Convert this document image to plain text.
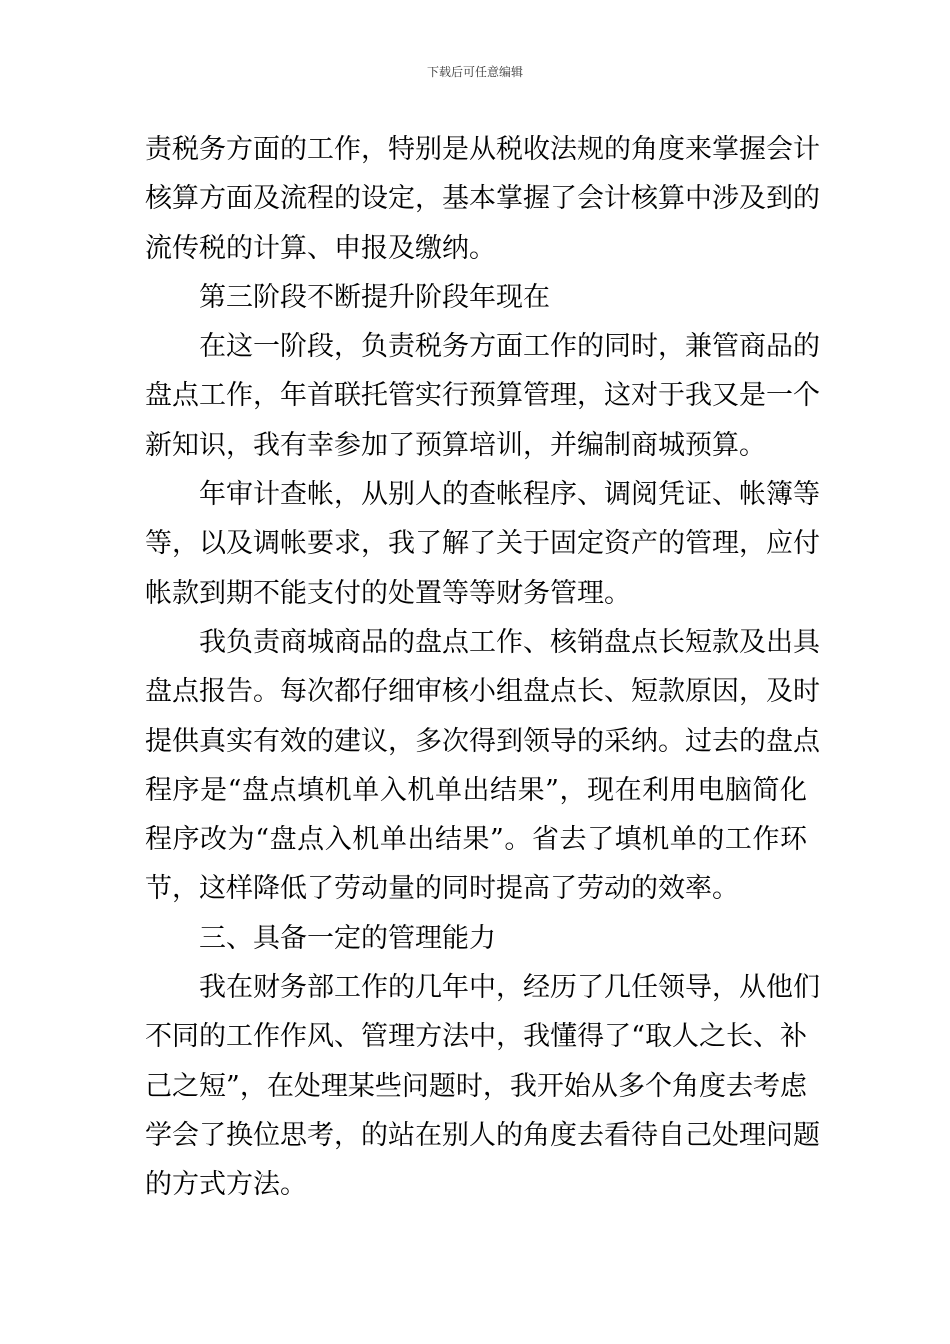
下载后可任意编辑
责税务方面的工作，特别是从税收法规的角度来掌握会计
核算方面及流程的设定，基本掌握了会计核算中涉及到的
流传税的计算、申报及缴纳。
第三阶段不断提升阶段年现在
在这一阶段，负责税务方面工作的同时，兼管商品的
盘点工作，年首联托管实行预算管理，这对于我又是一个
新知识，我有幸参加了预算培训，并编制商城预算。
年审计查帐，从别人的查帐程序、调阅凭证、帐簿等
等，以及调帐要求，我了解了关于固定资产的管理，应付
帐款到期不能支付的处置等等财务管理。
我负责商城商品的盘点工作、核销盘点长短款及出具
盘点报告。每次都仔细审核小组盘点长、短款原因，及时
提供真实有效的建议，多次得到领导的采纳。过去的盘点
程序是“盘点填机单入机单出结果”，现在利用电脑简化
程序改为“盘点入机单出结果”。省去了填机单的工作环
节，这样降低了劳动量的同时提高了劳动的效率。
三、具备一定的管理能力
我在财务部工作的几年中，经历了几任领导，从他们
不同的工作作风、管理方法中，我懂得了“取人之长、补
己之短”，在处理某些问题时，我开始从多个角度去考虑
学会了换位思考，的站在别人的角度去看待自己处理问题
的方式方法。
